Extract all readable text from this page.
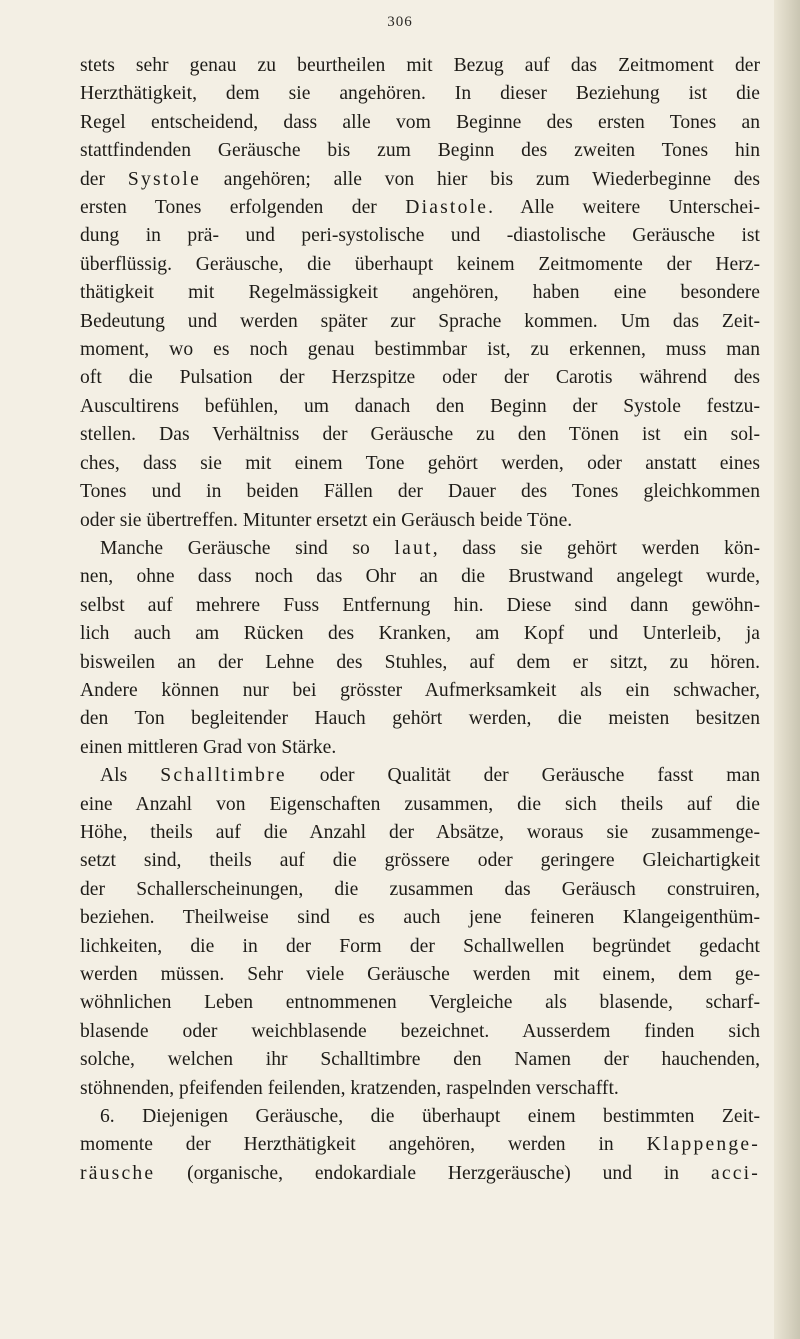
306
stets sehr genau zu beurtheilen mit Bezug auf das Zeitmoment der
Herzthätigkeit, dem sie angehören. In dieser Beziehung ist die
Regel entscheidend, dass alle vom Beginne des ersten Tones an
stattfindenden Geräusche bis zum Beginn des zweiten Tones hin
der Systole angehören; alle von hier bis zum Wiederbeginne des
ersten Tones erfolgenden der Diastole. Alle weitere Unterschei-
dung in prä- und peri-systolische und -diastolische Geräusche ist
überflüssig. Geräusche, die überhaupt keinem Zeitmomente der Herz-
thätigkeit mit Regelmässigkeit angehören, haben eine besondere
Bedeutung und werden später zur Sprache kommen. Um das Zeit-
moment, wo es noch genau bestimmbar ist, zu erkennen, muss man
oft die Pulsation der Herzspitze oder der Carotis während des
Auscultirens befühlen, um danach den Beginn der Systole festzu-
stellen. Das Verhältniss der Geräusche zu den Tönen ist ein sol-
ches, dass sie mit einem Tone gehört werden, oder anstatt eines
Tones und in beiden Fällen der Dauer des Tones gleichkommen
oder sie übertreffen. Mitunter ersetzt ein Geräusch beide Töne.
Manche Geräusche sind so laut, dass sie gehört werden kön-
nen, ohne dass noch das Ohr an die Brustwand angelegt wurde,
selbst auf mehrere Fuss Entfernung hin. Diese sind dann gewöhn-
lich auch am Rücken des Kranken, am Kopf und Unterleib, ja
bisweilen an der Lehne des Stuhles, auf dem er sitzt, zu hören.
Andere können nur bei grösster Aufmerksamkeit als ein schwacher,
den Ton begleitender Hauch gehört werden, die meisten besitzen
einen mittleren Grad von Stärke.
Als Schalltimbre oder Qualität der Geräusche fasst man
eine Anzahl von Eigenschaften zusammen, die sich theils auf die
Höhe, theils auf die Anzahl der Absätze, woraus sie zusammenge-
setzt sind, theils auf die grössere oder geringere Gleichartigkeit
der Schallerscheinungen, die zusammen das Geräusch construiren,
beziehen. Theilweise sind es auch jene feineren Klangeigenthüm-
lichkeiten, die in der Form der Schallwellen begründet gedacht
werden müssen. Sehr viele Geräusche werden mit einem, dem ge-
wöhnlichen Leben entnommenen Vergleiche als blasende, scharf-
blasende oder weichblasende bezeichnet. Ausserdem finden sich
solche, welchen ihr Schalltimbre den Namen der hauchenden,
stöhnenden, pfeifenden feilenden, kratzenden, raspelnden verschafft.
6. Diejenigen Geräusche, die überhaupt einem bestimmten Zeit-
momente der Herzthätigkeit angehören, werden in Klappenge-
räusche (organische, endokardiale Herzgeräusche) und in acci-
